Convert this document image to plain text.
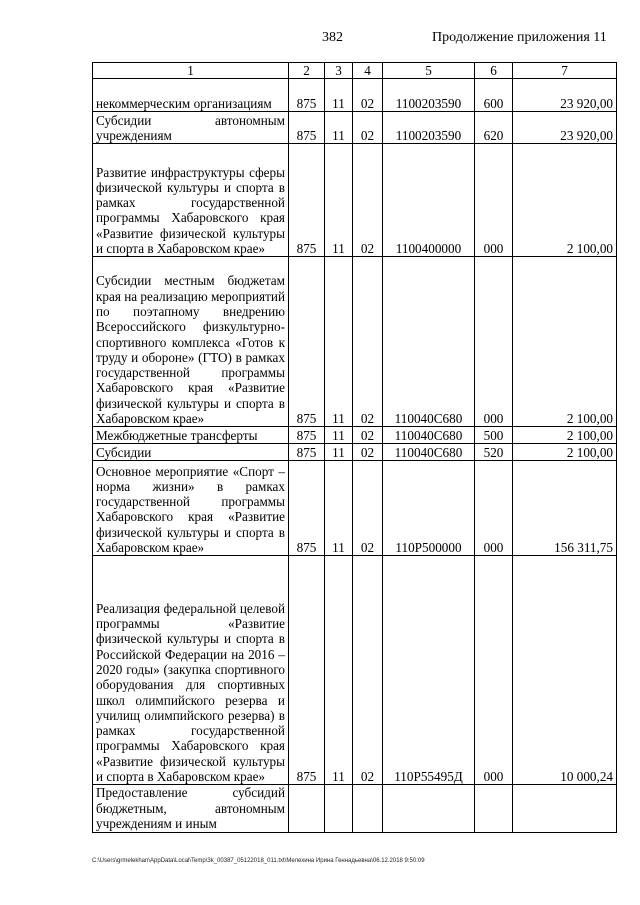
382	Продолжение приложения 11
1	2	3	4	5	6	7
некоммерческим организациям	875	11	02	1100203590	600	23 920,00
Субсидии автономным учреждениям	875	11	02	1100203590	620	23 920,00
Развитие инфраструктуры сферы физической культуры и спорта в рамках государственной программы Хабаровского края «Развитие физической культуры и спорта в Хабаровском крае»	875	11	02	1100400000	000	2 100,00
Субсидии местным бюджетам края на реализацию мероприятий по поэтапному внедрению Всероссийского физкультурно-спортивного комплекса «Готов к труду и обороне» (ГТО) в рамках государственной программы Хабаровского края «Развитие физической культуры и спорта в Хабаровском крае»	875	11	02	110040С680	000	2 100,00
Межбюджетные трансферты	875	11	02	110040С680	500	2 100,00
Субсидии	875	11	02	110040С680	520	2 100,00
Основное мероприятие «Спорт – норма жизни» в рамках государственной программы Хабаровского края «Развитие физической культуры и спорта в Хабаровском крае»	875	11	02	110Р500000	000	156 311,75
Реализация федеральной целевой программы «Развитие физической культуры и спорта в Российской Федерации на 2016 – 2020 годы» (закупка спортивного оборудования для спортивных школ олимпийского резерва и училищ олимпийского резерва) в рамках государственной программы Хабаровского края «Развитие физической культуры и спорта в Хабаровском крае»	875	11	02	110Р55495Д	000	10 000,24
Предоставление субсидий бюджетным, автономным учреждениям и иным						
C:\Users\grmelekhan\AppData\Local\Temp\3k_00387_05122018_011.txt\Мелехина Ирина Геннадьевна\06.12.2018 9:50:09
